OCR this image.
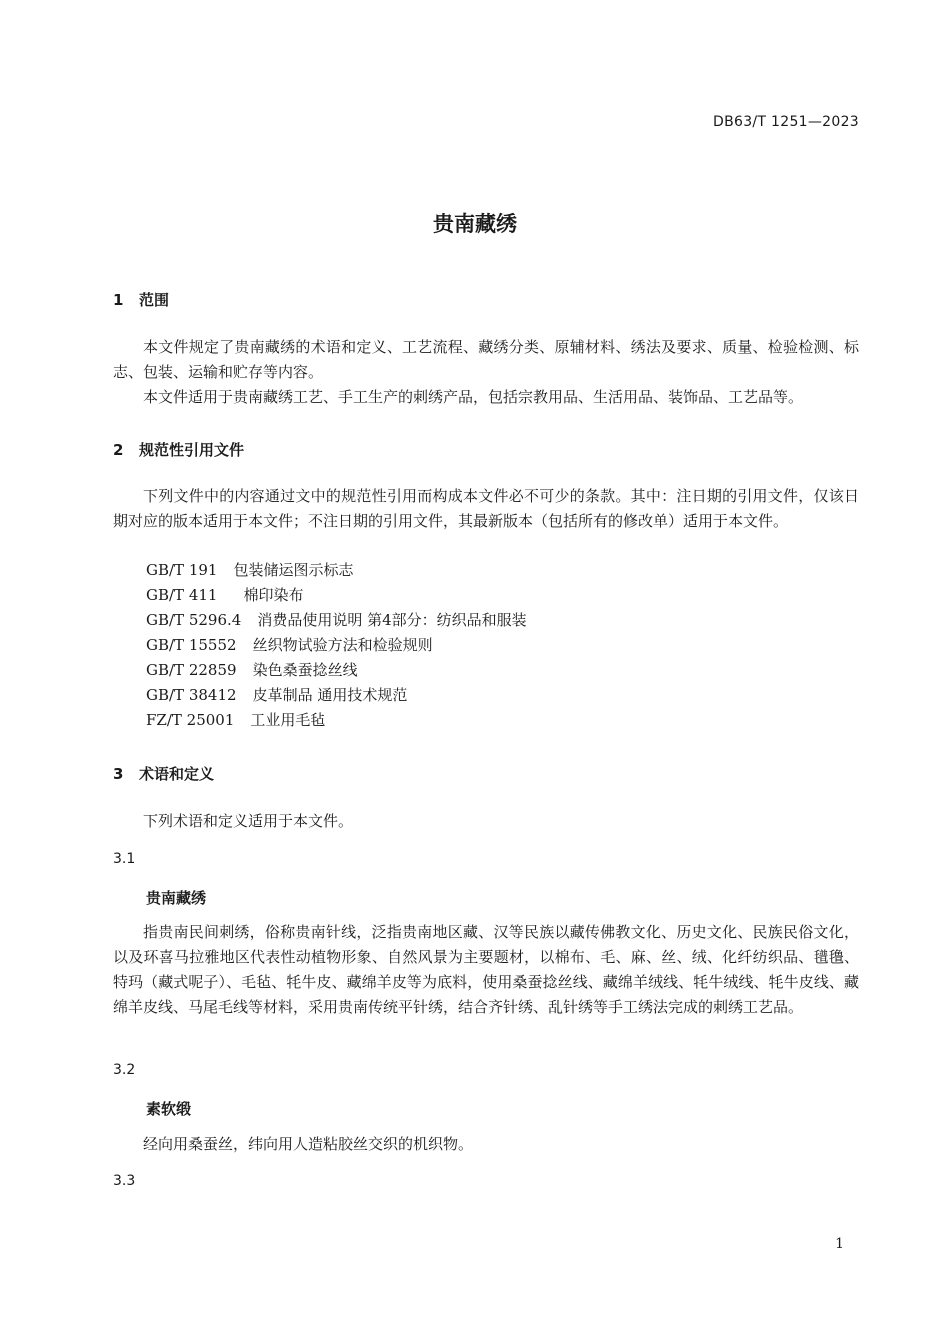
DB63/T 1251—2023
贵南藏绣
1 范围
本文件规定了贵南藏绣的术语和定义、工艺流程、藏绣分类、原辅材料、绣法及要求、质量、检验检测、标志、包装、运输和贮存等内容。
本文件适用于贵南藏绣工艺、手工生产的刺绣产品，包括宗教用品、生活用品、装饰品、工艺品等。
2 规范性引用文件
下列文件中的内容通过文中的规范性引用而构成本文件必不可少的条款。其中：注日期的引用文件，仅该日期对应的版本适用于本文件；不注日期的引用文件，其最新版本（包括所有的修改单）适用于本文件。
GB/T 191 包装储运图示标志
GB/T 411 棉印染布
GB/T 5296.4 消费品使用说明 第4部分：纺织品和服装
GB/T 15552 丝织物试验方法和检验规则
GB/T 22859 染色桑蚕捻丝线
GB/T 38412 皮革制品 通用技术规范
FZ/T 25001 工业用毛毡
3 术语和定义
下列术语和定义适用于本文件。
3.1
贵南藏绣
指贵南民间刺绣，俗称贵南针线，泛指贵南地区藏、汉等民族以藏传佛教文化、历史文化、民族民俗文化，以及环喜马拉雅地区代表性动植物形象、自然风景为主要题材，以棉布、毛、麻、丝、绒、化纤纺织品、氆氇、特玛（藏式呢子）、毛毡、牦牛皮、藏绵羊皮等为底料，使用桑蚕捻丝线、藏绵羊绒线、牦牛绒线、牦牛皮线、藏绵羊皮线、马尾毛线等材料，采用贵南传统平针绣，结合齐针绣、乱针绣等手工绣法完成的刺绣工艺品。
3.2
素软缎
经向用桑蚕丝，纬向用人造粘胶丝交织的机织物。
3.3
1
